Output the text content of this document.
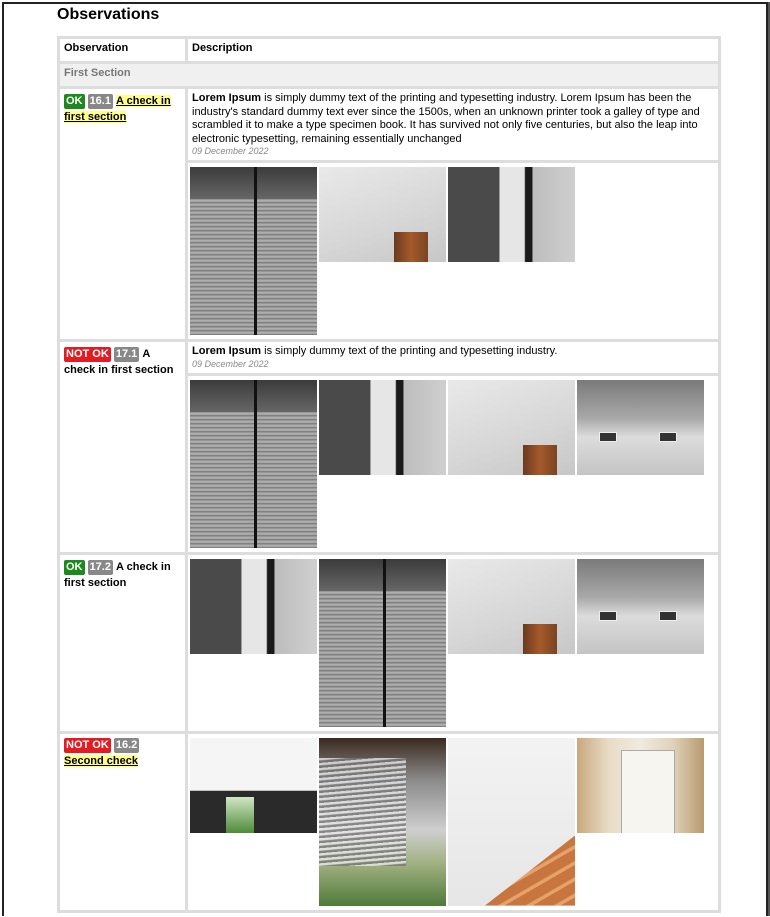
Observations
Observation	Description
First Section	
OK 16.1 A check in first section	Lorem Ipsum is simply dummy text of the printing and typesetting industry. Lorem Ipsum has been the industry's standard dummy text ever since the 1500s, when an unknown printer took a galley of type and scrambled it to make a type specimen book. It has survived not only five centuries, but also the leap into electronic typesetting, remaining essentially unchanged
09 December 2022

NOT OK 17.1 A check in first section	Lorem Ipsum is simply dummy text of the printing and typesetting industry.
09 December 2022

OK 17.2 A check in first section	

NOT OK 16.2 Second check	
